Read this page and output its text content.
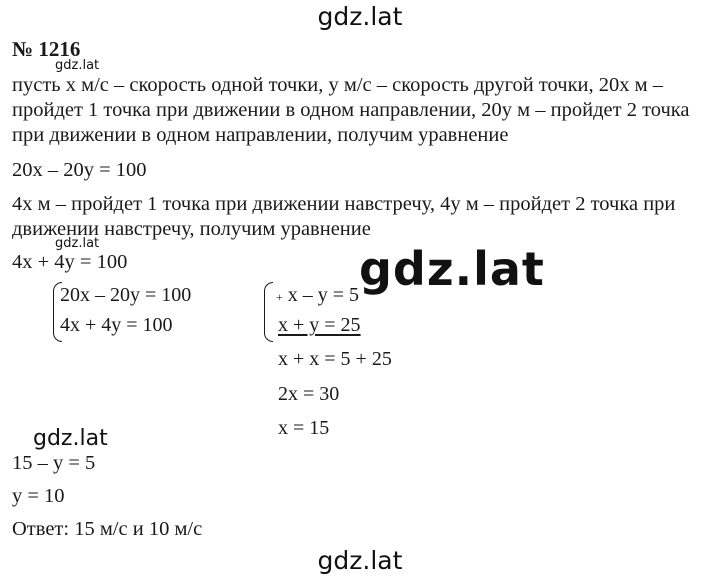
gdz.lat
№ 1216
gdz.lat
пусть x м/с – скорость одной точки, y м/с – скорость другой точки, 20x м –
пройдет 1 точка при движении в одном направлении, 20y м – пройдет 2 точка
при движении в одном направлении, получим уравнение
20x – 20y = 100
4x м – пройдет 1 точка при движении навстречу, 4y м – пройдет 2 точка при
движении навстречу, получим уравнение
gdz.lat
4x + 4y = 100
20x – 20y = 100
4x + 4y = 100
+ x – y = 5
x + y = 25
gdz.lat
x + x = 5 + 25
2x = 30
x = 15
gdz.lat
15 – y = 5
y = 10
Ответ: 15 м/с и 10 м/с
gdz.lat
